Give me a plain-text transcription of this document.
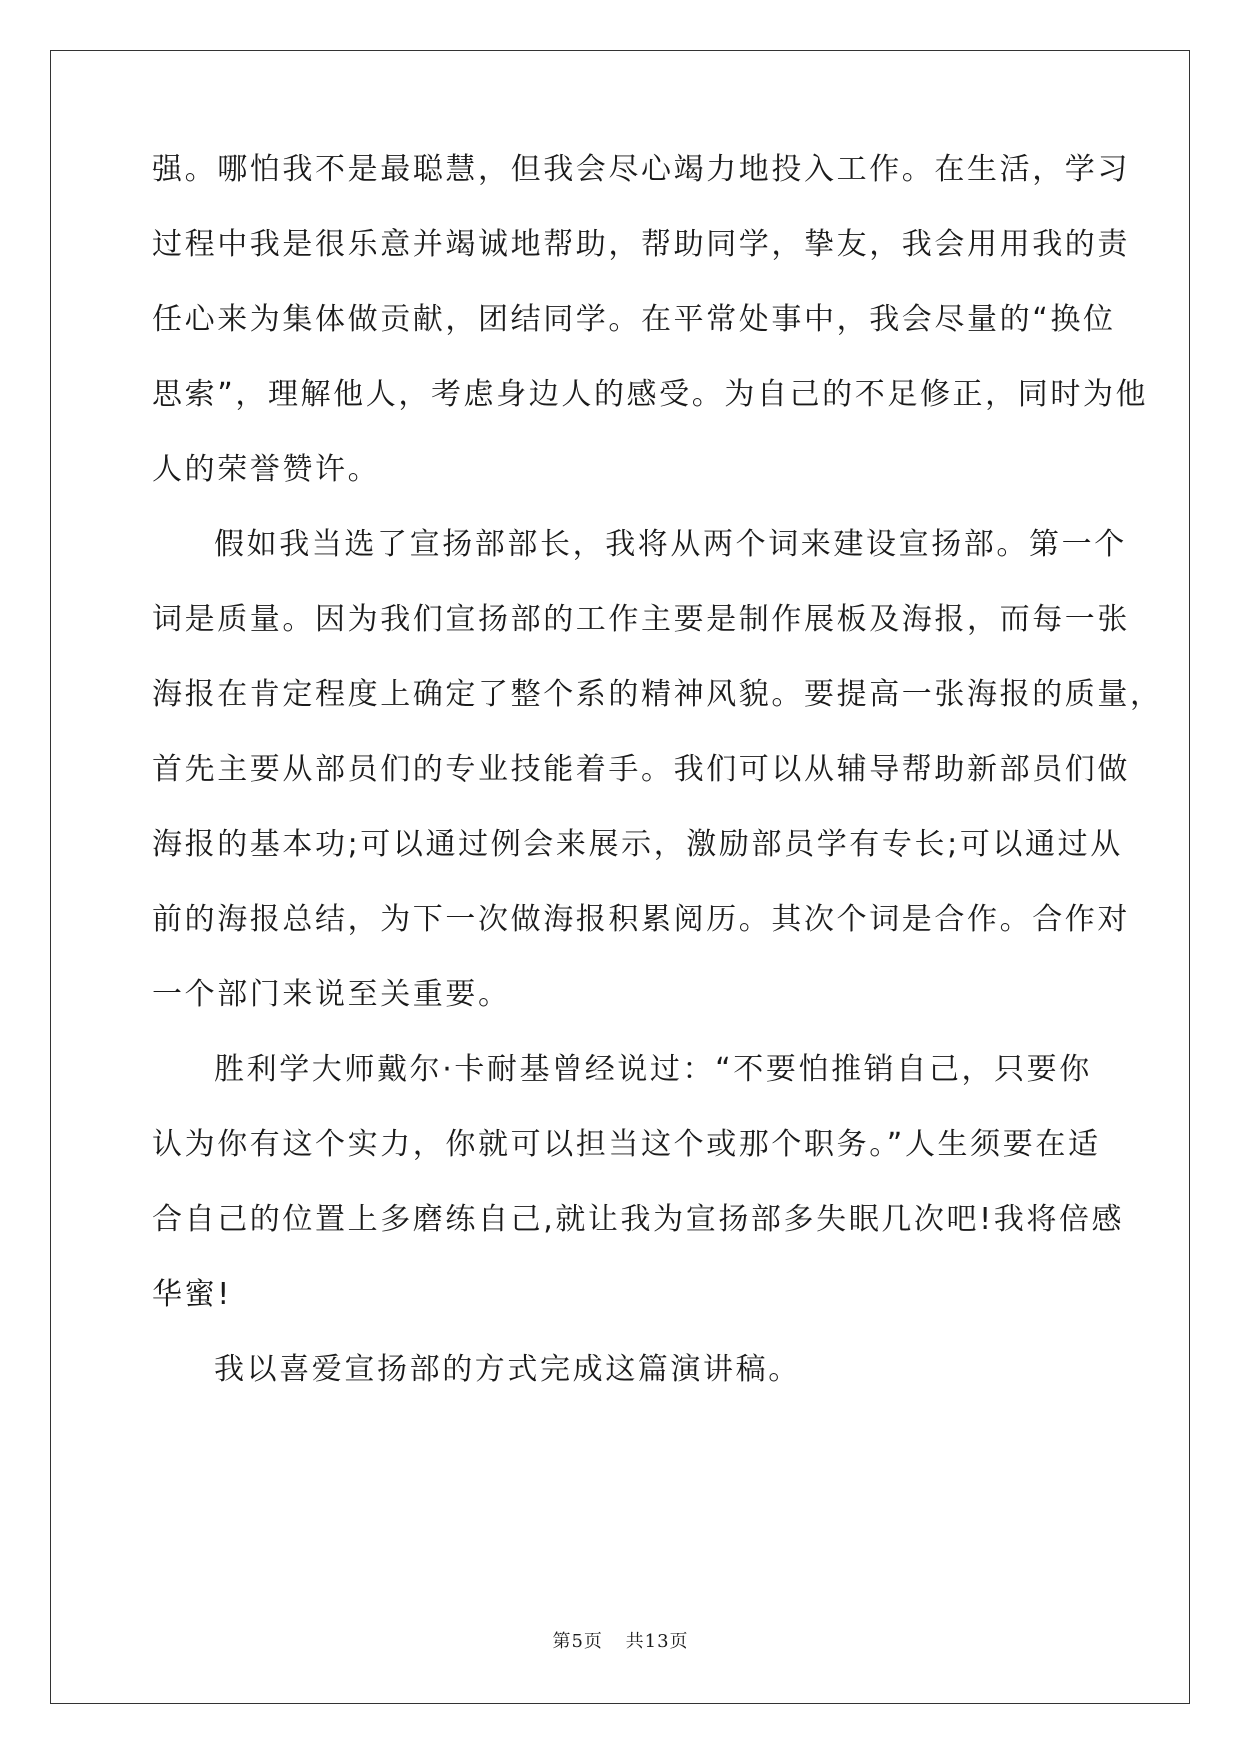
强。哪怕我不是最聪慧，但我会尽心竭力地投入工作。在生活，学习
过程中我是很乐意并竭诚地帮助，帮助同学，挚友，我会用用我的责
任心来为集体做贡献，团结同学。在平常处事中，我会尽量的“换位
思索”，理解他人，考虑身边人的感受。为自己的不足修正，同时为他
人的荣誉赞许。
假如我当选了宣扬部部长，我将从两个词来建设宣扬部。第一个
词是质量。因为我们宣扬部的工作主要是制作展板及海报，而每一张
海报在肯定程度上确定了整个系的精神风貌。要提高一张海报的质量，
首先主要从部员们的专业技能着手。我们可以从辅导帮助新部员们做
海报的基本功;可以通过例会来展示，激励部员学有专长;可以通过从
前的海报总结，为下一次做海报积累阅历。其次个词是合作。合作对
一个部门来说至关重要。
胜利学大师戴尔·卡耐基曾经说过：“不要怕推销自己，只要你
认为你有这个实力，你就可以担当这个或那个职务。”人生须要在适
合自己的位置上多磨练自己,就让我为宣扬部多失眠几次吧!我将倍感
华蜜!
我以喜爱宣扬部的方式完成这篇演讲稿。
第5页 共13页
